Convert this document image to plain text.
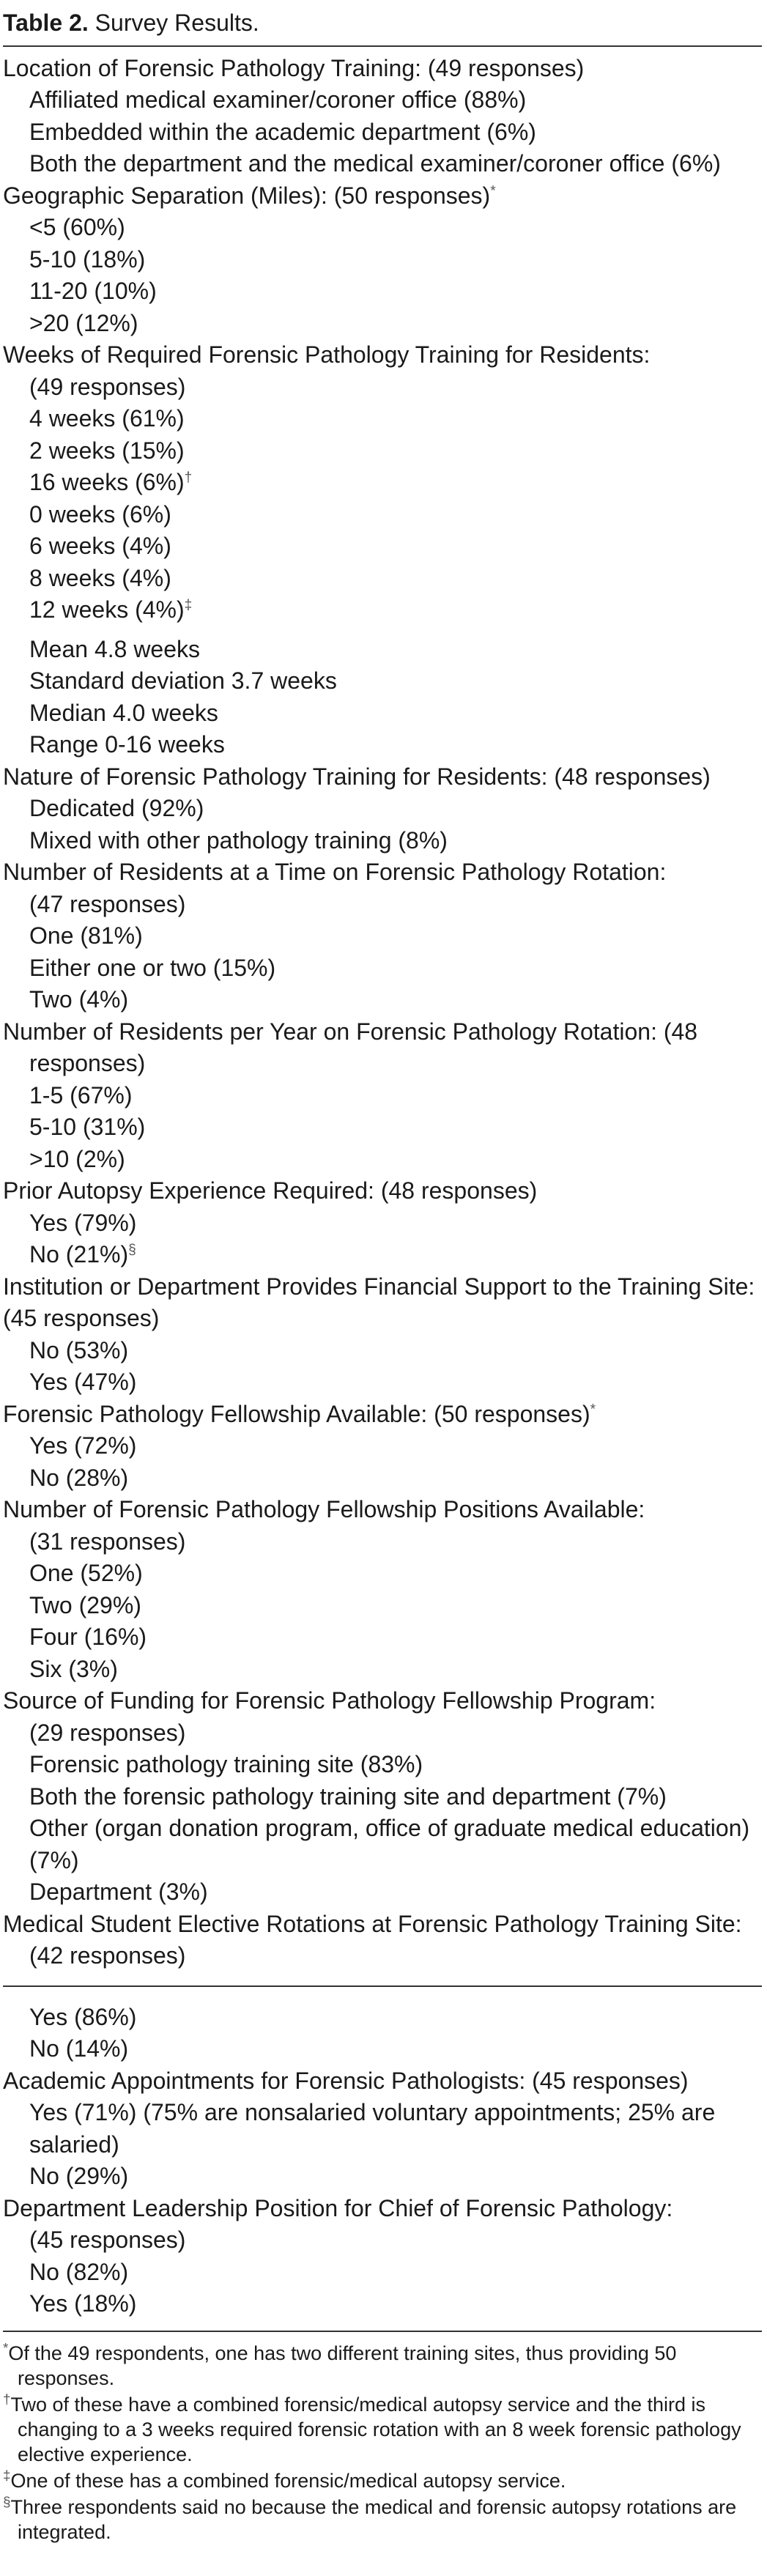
Table 2. Survey Results.

Location of Forensic Pathology Training: (49 responses)

Affiliated medical examiner/coroner office (88%)

Embedded within the academic department (6%)

Both the department and the medical examiner/coroner office (6%)

Geographic Separation (Miles): (50 responses)*

<5 (60%)

5-10 (18%)

11-20 (10%)

>20 (12%)

Weeks of Required Forensic Pathology Training for Residents:

(49 responses)

4 weeks (61%)

2 weeks (15%)

16 weeks (6%)†

0 weeks (6%)

6 weeks (4%)

8 weeks (4%)

12 weeks (4%)‡

Mean 4.8 weeks

Standard deviation 3.7 weeks

Median 4.0 weeks

Range 0-16 weeks

Nature of Forensic Pathology Training for Residents: (48 responses)

Dedicated (92%)

Mixed with other pathology training (8%)

Number of Residents at a Time on Forensic Pathology Rotation:

(47 responses)

One (81%)

Either one or two (15%)

Two (4%)

Number of Residents per Year on Forensic Pathology Rotation: (48

responses)

1-5 (67%)

5-10 (31%)

>10 (2%)

Prior Autopsy Experience Required: (48 responses)

Yes (79%)

No (21%)§

Institution or Department Provides Financial Support to the Training Site: (45 responses)

No (53%)

Yes (47%)

Forensic Pathology Fellowship Available: (50 responses)*

Yes (72%)

No (28%)

Number of Forensic Pathology Fellowship Positions Available:

(31 responses)

One (52%)

Two (29%)

Four (16%)

Six (3%)

Source of Funding for Forensic Pathology Fellowship Program:

(29 responses)

Forensic pathology training site (83%)

Both the forensic pathology training site and department (7%)

Other (organ donation program, office of graduate medical education) (7%)

Department (3%)

Medical Student Elective Rotations at Forensic Pathology Training Site:

(42 responses)

Yes (86%)

No (14%)

Academic Appointments for Forensic Pathologists: (45 responses)

Yes (71%) (75% are nonsalaried voluntary appointments; 25% are salaried)

No (29%)

Department Leadership Position for Chief of Forensic Pathology:

(45 responses)

No (82%)

Yes (18%)

*Of the 49 respondents, one has two different training sites, thus providing 50 responses.

†Two of these have a combined forensic/medical autopsy service and the third is changing to a 3 weeks required forensic rotation with an 8 week forensic pathology elective experience.

‡One of these has a combined forensic/medical autopsy service.

§Three respondents said no because the medical and forensic autopsy rotations are integrated.
